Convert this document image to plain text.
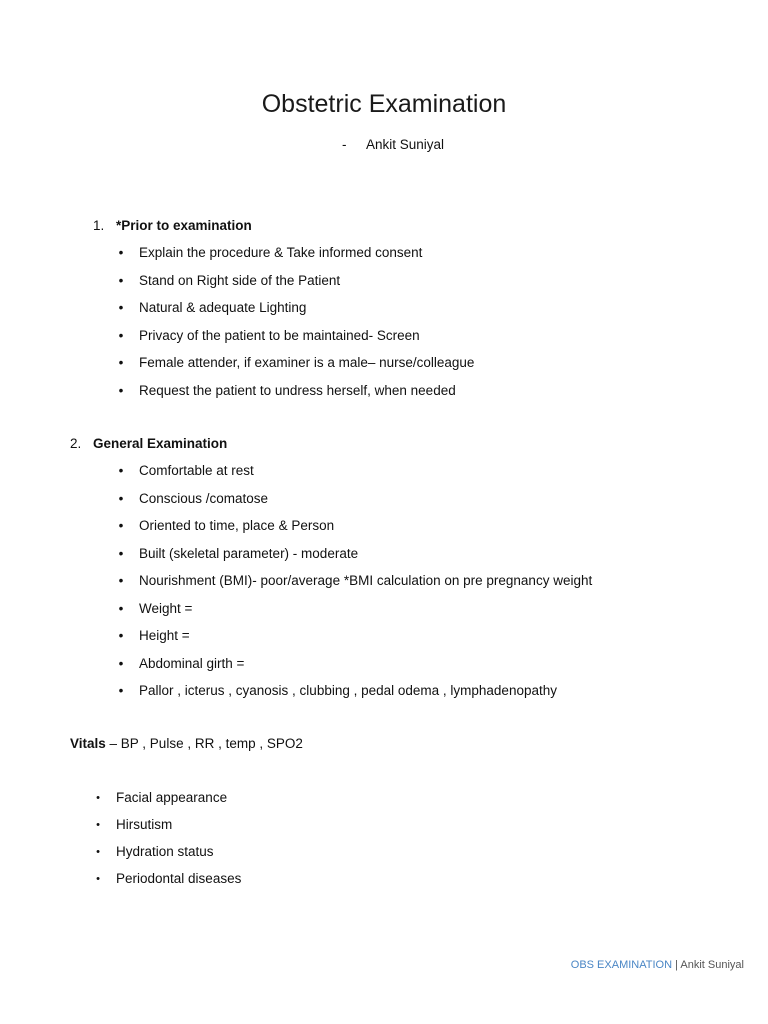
Obstetric Examination
- Ankit Suniyal
1. *Prior to examination
• Explain the procedure & Take informed consent
• Stand on Right side of the Patient
• Natural & adequate Lighting
• Privacy of the patient to be maintained- Screen
• Female attender, if examiner is a male– nurse/colleague
• Request the patient to undress herself, when needed
2. General Examination
• Comfortable at rest
• Conscious /comatose
• Oriented to time, place & Person
• Built (skeletal parameter) - moderate
• Nourishment (BMI)- poor/average *BMI calculation on pre pregnancy weight
• Weight =
• Height =
• Abdominal girth =
• Pallor , icterus , cyanosis , clubbing , pedal odema , lymphadenopathy
Vitals – BP , Pulse , RR , temp , SPO2
•	Facial appearance
•	Hirsutism
•	Hydration status
•	Periodontal diseases
OBS EXAMINATION | Ankit Suniyal
